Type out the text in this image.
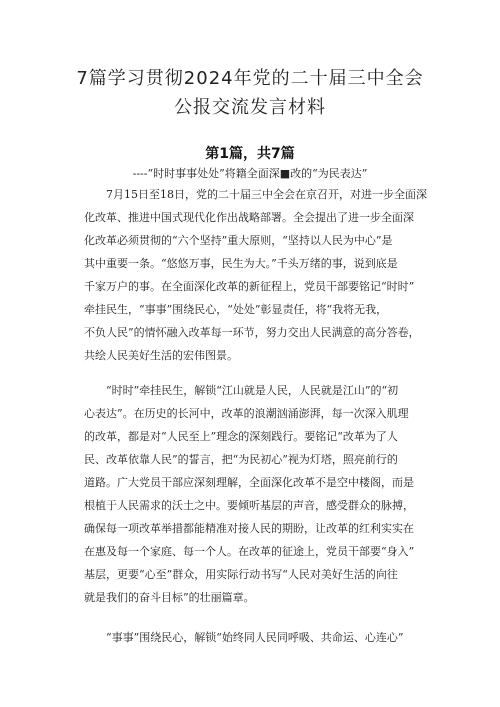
7篇学习贯彻2024年党的二十届三中全会
公报交流发言材料
第1篇，共7篇
----“时时事事处处”将籍全面深■改的“为民表达”
7月15日至18日，党的二十届三中全会在京召开，对进一步全面深
化改革、推进中国式现代化作出战略部署。全会提出了进一步全面深
化改革必须贯彻的“六个坚持”重大原则，“坚持以人民为中心”是
其中重要一条。“悠悠万事，民生为大。”千头万绪的事，说到底是
千家万户的事。在全面深化改革的新征程上，党员干部要铭记“时时”
牵挂民生，“事事”围绕民心，“处处”彰显责任，将“我将无我，
不负人民”的情怀融入改革每一环节，努力交出人民满意的高分答卷，
共绘人民美好生活的宏伟图景。
“时时”牵挂民生，解锁“江山就是人民，人民就是江山”的“初
心表达”。在历史的长河中，改革的浪潮汹涌澎湃，每一次深入肌理
的改革，都是对“人民至上”理念的深刻践行。要铭记“改革为了人
民、改革依靠人民”的誓言，把“为民初心”视为灯塔，照亮前行的
道路。广大党员干部应深刻理解，全面深化改革不是空中楼阁，而是
根植于人民需求的沃土之中。要倾听基层的声音，感受群众的脉搏，
确保每一项改革举措都能精准对接人民的期盼，让改革的红利实实在
在惠及每一个家庭、每一个人。在改革的征途上，党员干部要“身入”
基层，更要“心至”群众，用实际行动书写“人民对美好生活的向往
就是我们的奋斗目标”的壮丽篇章。
“事事”围绕民心，解锁“始终同人民同呼吸、共命运、心连心”
